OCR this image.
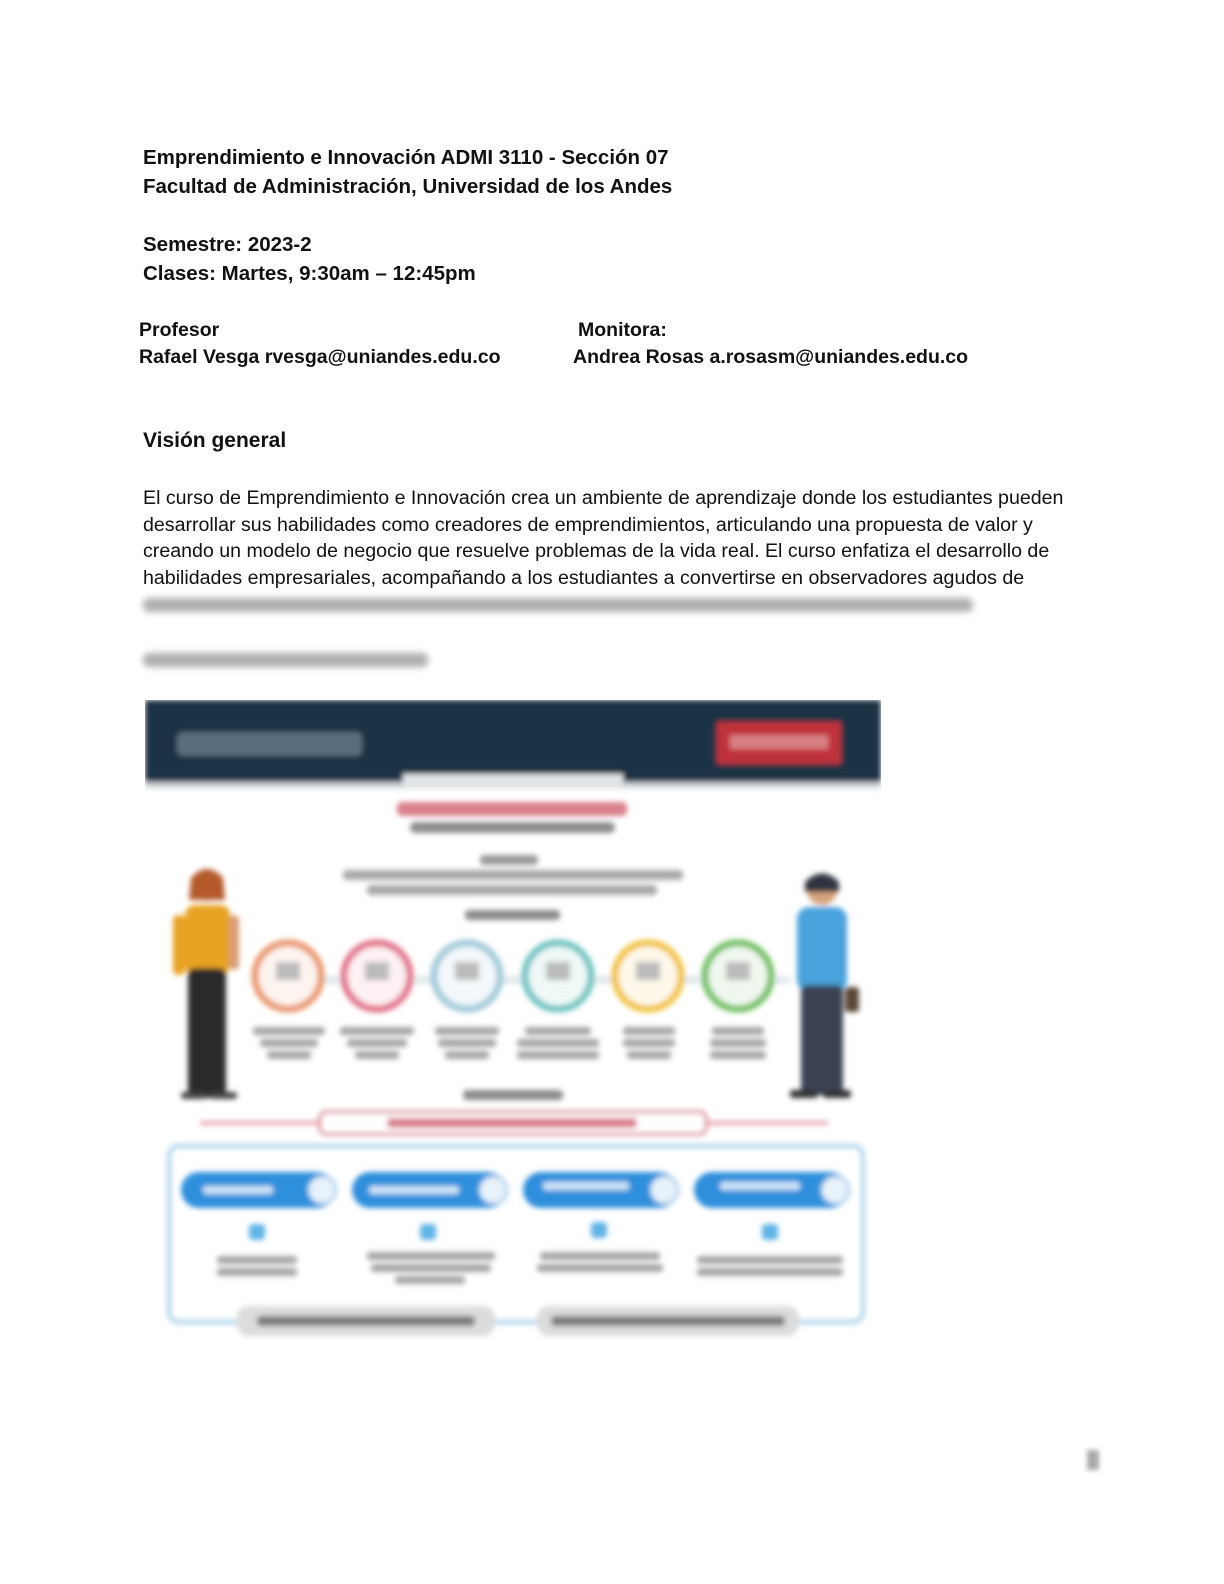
Emprendimiento e Innovación ADMI 3110 - Sección 07
Facultad de Administración, Universidad de los Andes
Semestre: 2023-2
Clases: Martes, 9:30am – 12:45pm
Profesor
Rafael Vesga rvesga@uniandes.edu.co
Monitora:
Andrea Rosas a.rosasm@uniandes.edu.co
Visión general
El curso de Emprendimiento e Innovación crea un ambiente de aprendizaje donde los estudiantes pueden
desarrollar sus habilidades como creadores de emprendimientos, articulando una propuesta de valor y
creando un modelo de negocio que resuelve problemas de la vida real. El curso enfatiza el desarrollo de
habilidades empresariales, acompañando a los estudiantes a convertirse en observadores agudos de
